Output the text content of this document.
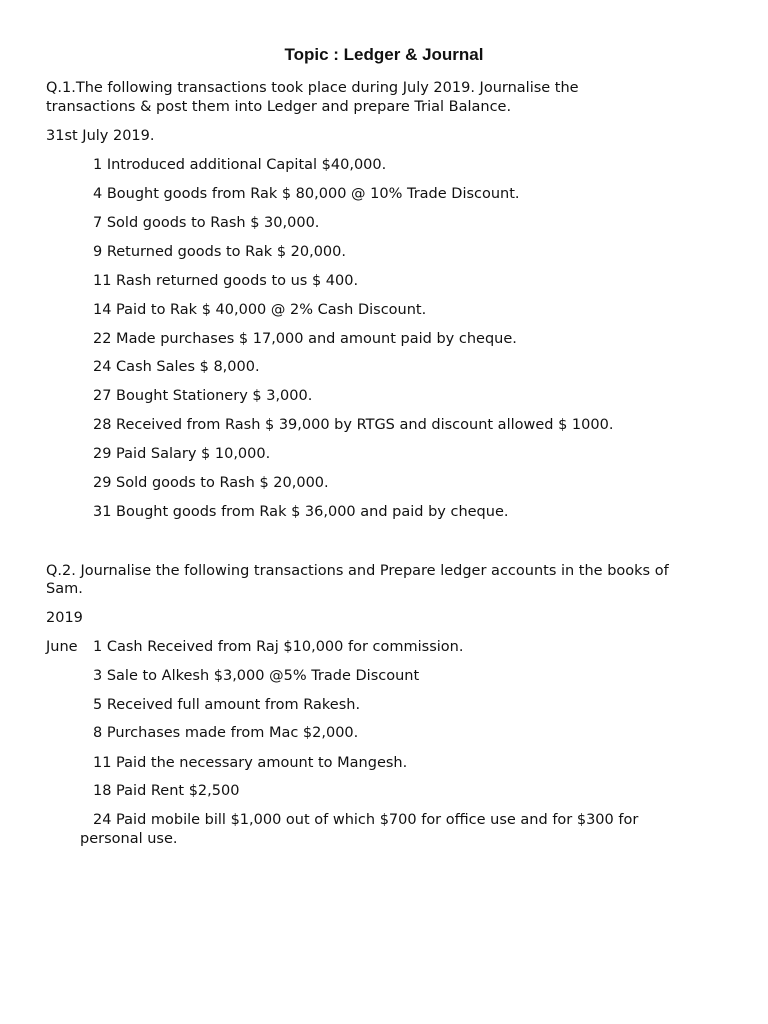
Topic : Ledger & Journal
Q.1.The following transactions took place during July 2019. Journalise the
transactions & post them into Ledger and prepare Trial Balance.
31st July 2019.
1 Introduced additional Capital $40,000.
4 Bought goods from Rak $ 80,000 @ 10% Trade Discount.
7 Sold goods to Rash $ 30,000.
9 Returned goods to Rak $ 20,000.
11 Rash returned goods to us $ 400.
14 Paid to Rak $ 40,000 @ 2% Cash Discount.
22 Made purchases $ 17,000 and amount paid by cheque.
24 Cash Sales $ 8,000.
27 Bought Stationery $ 3,000.
28 Received from Rash $ 39,000 by RTGS and discount allowed $ 1000.
29 Paid Salary $ 10,000.
29 Sold goods to Rash $ 20,000.
31 Bought goods from Rak $ 36,000 and paid by cheque.
Q.2. Journalise the following transactions and Prepare ledger accounts in the books of
Sam.
2019
June 1 Cash Received from Raj $10,000 for commission.
3 Sale to Alkesh $3,000 @5% Trade Discount
5 Received full amount from Rakesh.
8 Purchases made from Mac $2,000.
11 Paid the necessary amount to Mangesh.
18 Paid Rent $2,500
24 Paid mobile bill $1,000 out of which $700 for office use and for $300 for
personal use.
